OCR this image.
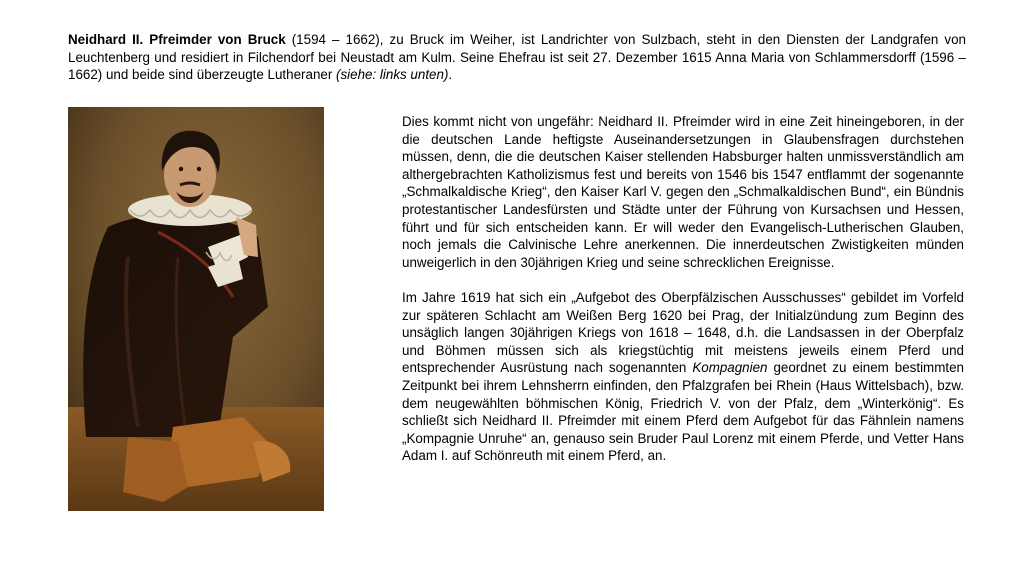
Neidhard II. Pfreimder von Bruck (1594 – 1662), zu Bruck im Weiher, ist Landrichter von Sulzbach, steht in den Diensten der Landgrafen von Leuchtenberg und residiert in Filchendorf bei Neustadt am Kulm. Seine Ehefrau ist seit 27. Dezember 1615 Anna Maria von Schlammersdorff (1596 – 1662) und beide sind überzeugte Lutheraner (siehe: links unten).

Dies kommt nicht von ungefähr: Neidhard II. Pfreimder wird in eine Zeit hineingeboren, in der die deutschen Lande heftigste Auseinandersetzungen in Glaubensfragen durchstehen müssen, denn, die die deutschen Kaiser stellenden Habsburger halten unmissverständlich am althergebrachten Katholizismus fest und bereits von 1546 bis 1547 entflammt der sogenannte „Schmalkaldische Krieg“, den Kaiser Karl V. gegen den „Schmalkaldischen Bund“, ein Bündnis protestantischer Landesfürsten und Städte unter der Führung von Kursachsen und Hessen, führt und für sich entscheiden kann. Er will weder den Evangelisch-Lutherischen Glauben, noch jemals die Calvinische Lehre anerkennen. Die innerdeutschen Zwistigkeiten münden unweigerlich in den 30jährigen Krieg und seine schrecklichen Ereignisse.

Im Jahre 1619 hat sich ein „Aufgebot des Oberpfälzischen Ausschusses“ gebildet im Vorfeld zur späteren Schlacht am Weißen Berg 1620 bei Prag, der Initialzündung zum Beginn des unsäglich langen 30jährigen Kriegs von 1618 – 1648, d.h. die Landsassen in der Oberpfalz und Böhmen müssen sich als kriegstüchtig mit meistens jeweils einem Pferd und entsprechender Ausrüstung nach sogenannten Kompagnien geordnet zu einem bestimmten Zeitpunkt bei ihrem Lehnsherrn einfinden, den Pfalzgrafen bei Rhein (Haus Wittelsbach), bzw. dem neugewählten böhmischen König, Friedrich V. von der Pfalz, dem „Winterkönig“. Es schließt sich Neidhard II. Pfreimder mit einem Pferd dem Aufgebot für das Fähnlein namens „Kompagnie Unruhe“ an, genauso sein Bruder Paul Lorenz mit einem Pferde, und Vetter Hans Adam I. auf Schönreuth mit einem Pferd, an.
